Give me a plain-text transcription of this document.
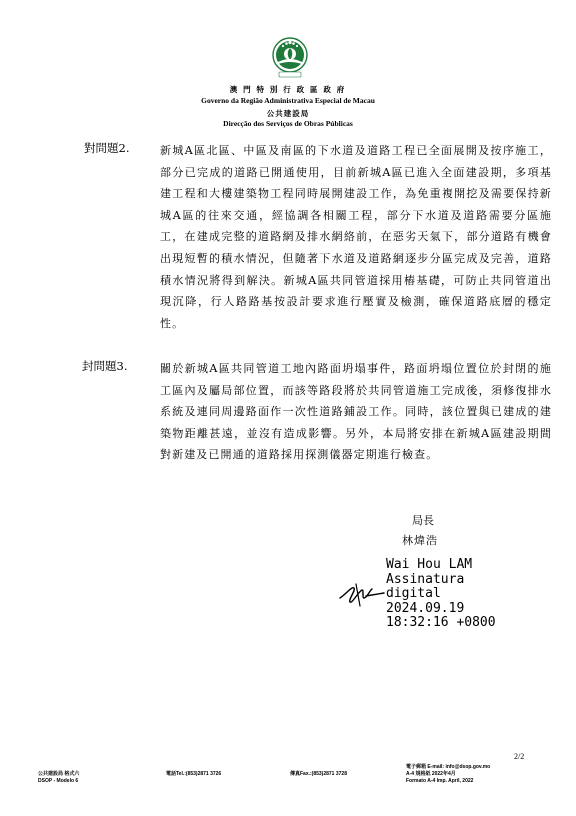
澳 門 特 別 行 政 區 政 府
Governo da Região Administrativa Especial de Macau
公共建設局
Direcção dos Serviços de Obras Públicas
對問題2.	新城A區北區、中區及南區的下水道及道路工程已全面展開及按序施工，部分已完成的道路已開通使用，目前新城A區已進入全面建設期，多項基建工程和大樓建築物工程同時展開建設工作，為免重複開挖及需要保持新城A區的往來交通，經協調各相關工程，部分下水道及道路需要分區施工，在建成完整的道路網及排水網絡前，在惡劣天氣下，部分道路有機會出現短暫的積水情況，但隨著下水道及道路網逐步分區完成及完善，道路積水情況將得到解決。新城A區共同管道採用樁基礎，可防止共同管道出現沉降，行人路路基按設計要求進行壓實及檢測，確保道路底層的穩定性。
封問題3.	關於新城A區共同管道工地內路面坍塌事件，路面坍塌位置位於封閉的施工區內及屬局部位置，而該等路段將於共同管道施工完成後，須修復排水系統及連同周邊路面作一次性道路鋪設工作。同時，該位置與已建成的建築物距離甚遠，並沒有造成影響。另外，本局將安排在新城A區建設期間對新建及已開通的道路採用探測儀器定期進行檢查。
局長
林煒浩
Wai Hou LAM
Assinatura
digital
2024.09.19
18:32:16 +0800
2/2
公共建設局 格式六
DSOP - Modelo 6
電話Tel.:(853)2871 3726	傳真Fax.:(853)2871 3728
電子郵箱 E-mail: info@dsop.gov.mo
A-4 規格紙 2022年4月
Formato A-4 Imp. April, 2022
